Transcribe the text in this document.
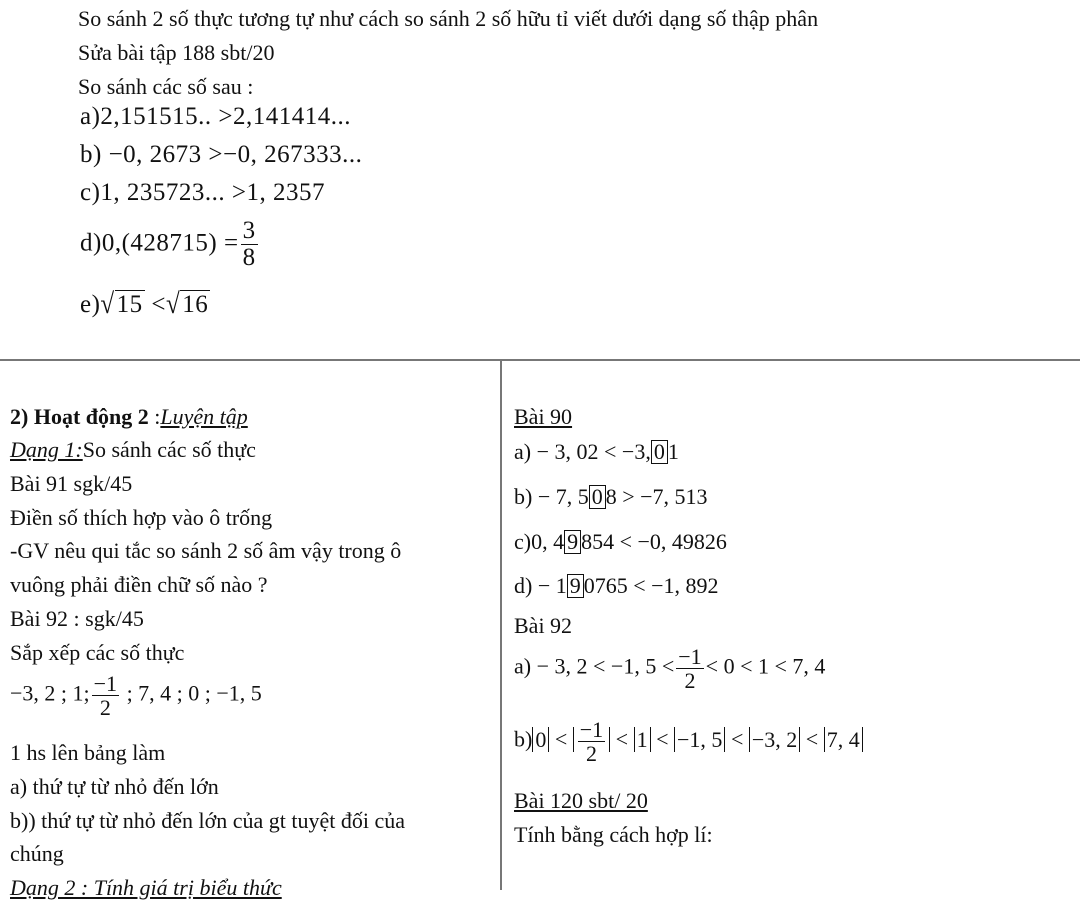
So sánh 2 số thực tương tự như cách so sánh 2 số hữu tỉ viết dưới dạng số thập phân
Sửa bài tập 188 sbt/20
So sánh các số sau :
a)2,151515.. >2,141414...
b) −0, 2673 >−0, 267333...
c)1, 235723... >1, 2357
$d)0,(428715) = \frac{3}{8}$
e)√15 <√16
2) Hoạt động 2 :Luyện tập
Dạng 1:So sánh các số thực
Bài 91 sgk/45
Điền số thích hợp vào ô trống
-GV nêu qui tắc so sánh 2 số âm vậy trong ô
vuông phải điền chữ số nào ?
Bài 92 : sgk/45
Sắp xếp các số thực
−3, 2 ; 1; $\frac{-1}{2}$ ; 7, 4 ; 0 ; −1, 5
1 hs lên bảng làm
a) thứ tự từ nhỏ đến lớn
b)) thứ tự từ nhỏ đến lớn của gt tuyệt đối của
chúng
Dạng 2 : Tính giá trị biểu thức
Bài 90
a) − 3, 02 < −3, 0 1
b) − 7, 5 0 8 > −7, 513
c)0, 4 9 854 < −0, 49826
d) − 1 9 0765 < −1, 892
Bài 92
a) − 3, 2 < −1, $5 < \frac{-1}{2} < 0 < 1 < 7$, 4
b) $0 < \frac{-1}{2} < 1 < -1$, 5 < −3, 2 < 7, 4
Bài 120 sbt/ 20
Tính bằng cách hợp lí:
